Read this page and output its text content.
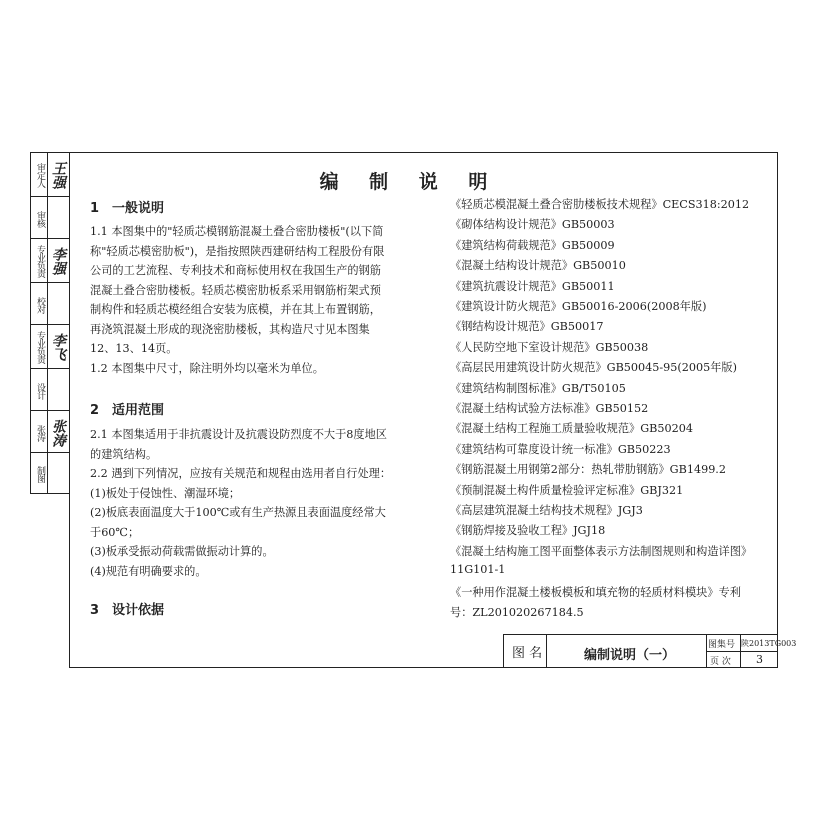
审定人 王强
审核
专业负责 李强
校对
专业负责 李飞
设计
张涛 张涛
制图
编 制 说 明
1　一般说明
1.1 本图集中的"轻质芯模钢筋混凝土叠合密肋楼板"(以下简
称"轻质芯模密肋板")，是指按照陕西建研结构工程股份有限
公司的工艺流程、专利技术和商标使用权在我国生产的钢筋
混凝土叠合密肋楼板。轻质芯模密肋板系采用钢筋桁架式预
制构件和轻质芯模经组合安装为底模，并在其上布置钢筋，
再浇筑混凝土形成的现浇密肋楼板，其构造尺寸见本图集
12、13、14页。
1.2 本图集中尺寸，除注明外均以毫米为单位。
2　适用范围
2.1 本图集适用于非抗震设计及抗震设防烈度不大于8度地区
的建筑结构。
2.2 遇到下列情况，应按有关规范和规程由选用者自行处理：
(1)板处于侵蚀性、潮湿环境；
(2)板底表面温度大于100℃或有生产热源且表面温度经常大
于60℃；
(3)板承受振动荷载需做振动计算的。
(4)规范有明确要求的。
3　设计依据
《轻质芯模混凝土叠合密肋楼板技术规程》CECS318:2012
《砌体结构设计规范》GB50003
《建筑结构荷载规范》GB50009
《混凝土结构设计规范》GB50010
《建筑抗震设计规范》GB50011
《建筑设计防火规范》GB50016-2006(2008年版)
《钢结构设计规范》GB50017
《人民防空地下室设计规范》GB50038
《高层民用建筑设计防火规范》GB50045-95(2005年版)
《建筑结构制图标准》GB/T50105
《混凝土结构试验方法标准》GB50152
《混凝土结构工程施工质量验收规范》GB50204
《建筑结构可靠度设计统一标准》GB50223
《钢筋混凝土用钢第2部分：热轧带肋钢筋》GB1499.2
《预制混凝土构件质量检验评定标准》GBJ321
《高层建筑混凝土结构技术规程》JGJ3
《钢筋焊接及验收工程》JGJ18
《混凝土结构施工图平面整体表示方法制图规则和构造详图》
11G101-1
《一种用作混凝土楼板模板和填充物的轻质材料模块》专利
号：ZL201020267184.5
图 名	编制说明（一）
图集号 陕2013TG003
页 次 3
